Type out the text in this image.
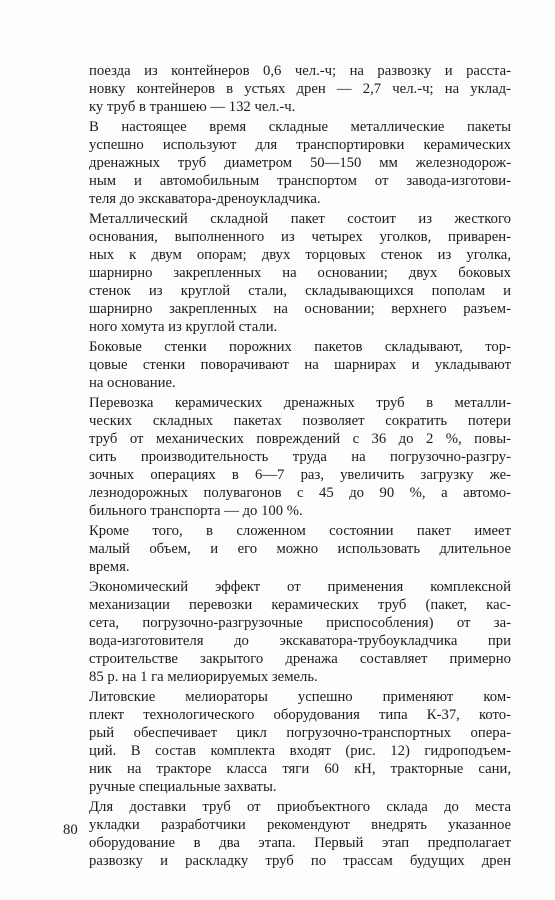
поезда из контейнеров 0,6 чел.-ч; на развозку и расста-
новку контейнеров в устьях дрен — 2,7 чел.-ч; на уклад-
ку труб в траншею — 132 чел.-ч.
В настоящее время складные металлические пакеты
успешно используют для транспортировки керамических
дренажных труб диаметром 50—150 мм железнодорож-
ным и автомобильным транспортом от завода-изготови-
теля до экскаватора-дреноукладчика.
Металлический складной пакет состоит из жесткого
основания, выполненного из четырех уголков, приварен-
ных к двум опорам; двух торцовых стенок из уголка,
шарнирно закрепленных на основании; двух боковых
стенок из круглой стали, складывающихся пополам и
шарнирно закрепленных на основании; верхнего разъем-
ного хомута из круглой стали.
Боковые стенки порожних пакетов складывают, тор-
цовые стенки поворачивают на шарнирах и укладывают
на основание.
Перевозка керамических дренажных труб в металли-
ческих складных пакетах позволяет сократить потери
труб от механических повреждений с 36 до 2 %, повы-
сить производительность труда на погрузочно-разгру-
зочных операциях в 6—7 раз, увеличить загрузку же-
лезнодорожных полувагонов с 45 до 90 %, а автомо-
бильного транспорта — до 100 %.
Кроме того, в сложенном состоянии пакет имеет
малый объем, и его можно использовать длительное
время.
Экономический эффект от применения комплексной
механизации перевозки керамических труб (пакет, кас-
сета, погрузочно-разгрузочные приспособления) от за-
вода-изготовителя до экскаватора-трубоукладчика при
строительстве закрытого дренажа составляет примерно
85 р. на 1 га мелиорируемых земель.
Литовские мелиораторы успешно применяют ком-
плект технологического оборудования типа К-37, кото-
рый обеспечивает цикл погрузочно-транспортных опера-
ций. В состав комплекта входят (рис. 12) гидроподъем-
ник на тракторе класса тяги 60 кН, тракторные сани,
ручные специальные захваты.
Для доставки труб от приобъектного склада до места
укладки разработчики рекомендуют внедрять указанное
оборудование в два этапа. Первый этап предполагает
развозку и раскладку труб по трассам будущих дрен
80
